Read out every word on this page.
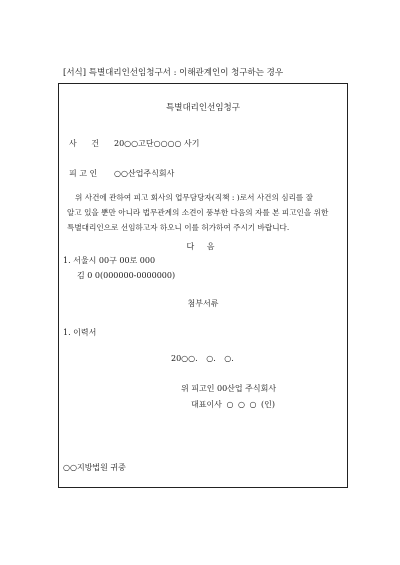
[서식] 특별대리인선임청구서 : 이해관계인이 청구하는 경우
특별대리인선임청구
사 건 20○○고단○○○○ 사기
피 고 인 ○○산업주식회사
위 사건에 관하여 피고 회사의 업무담당자(직책 : )로서 사건의 심리를 잘
알고 있을 뿐만 아니라 법무관계의 소견이 풍부한 다음의 자를 본 피고인을 위한
특별대리인으로 선임하고자 하오니 이를 허가하여 주시기 바랍니다.
다 음
1. 서울시 00구 00로 000
김 0 0(000000-0000000)
첨부서류
1. 이력서
20○○. ○. ○.
위 피고인 00산업 주식회사
대표이사 ○ ○ ○ (인)
○○지방법원 귀중
